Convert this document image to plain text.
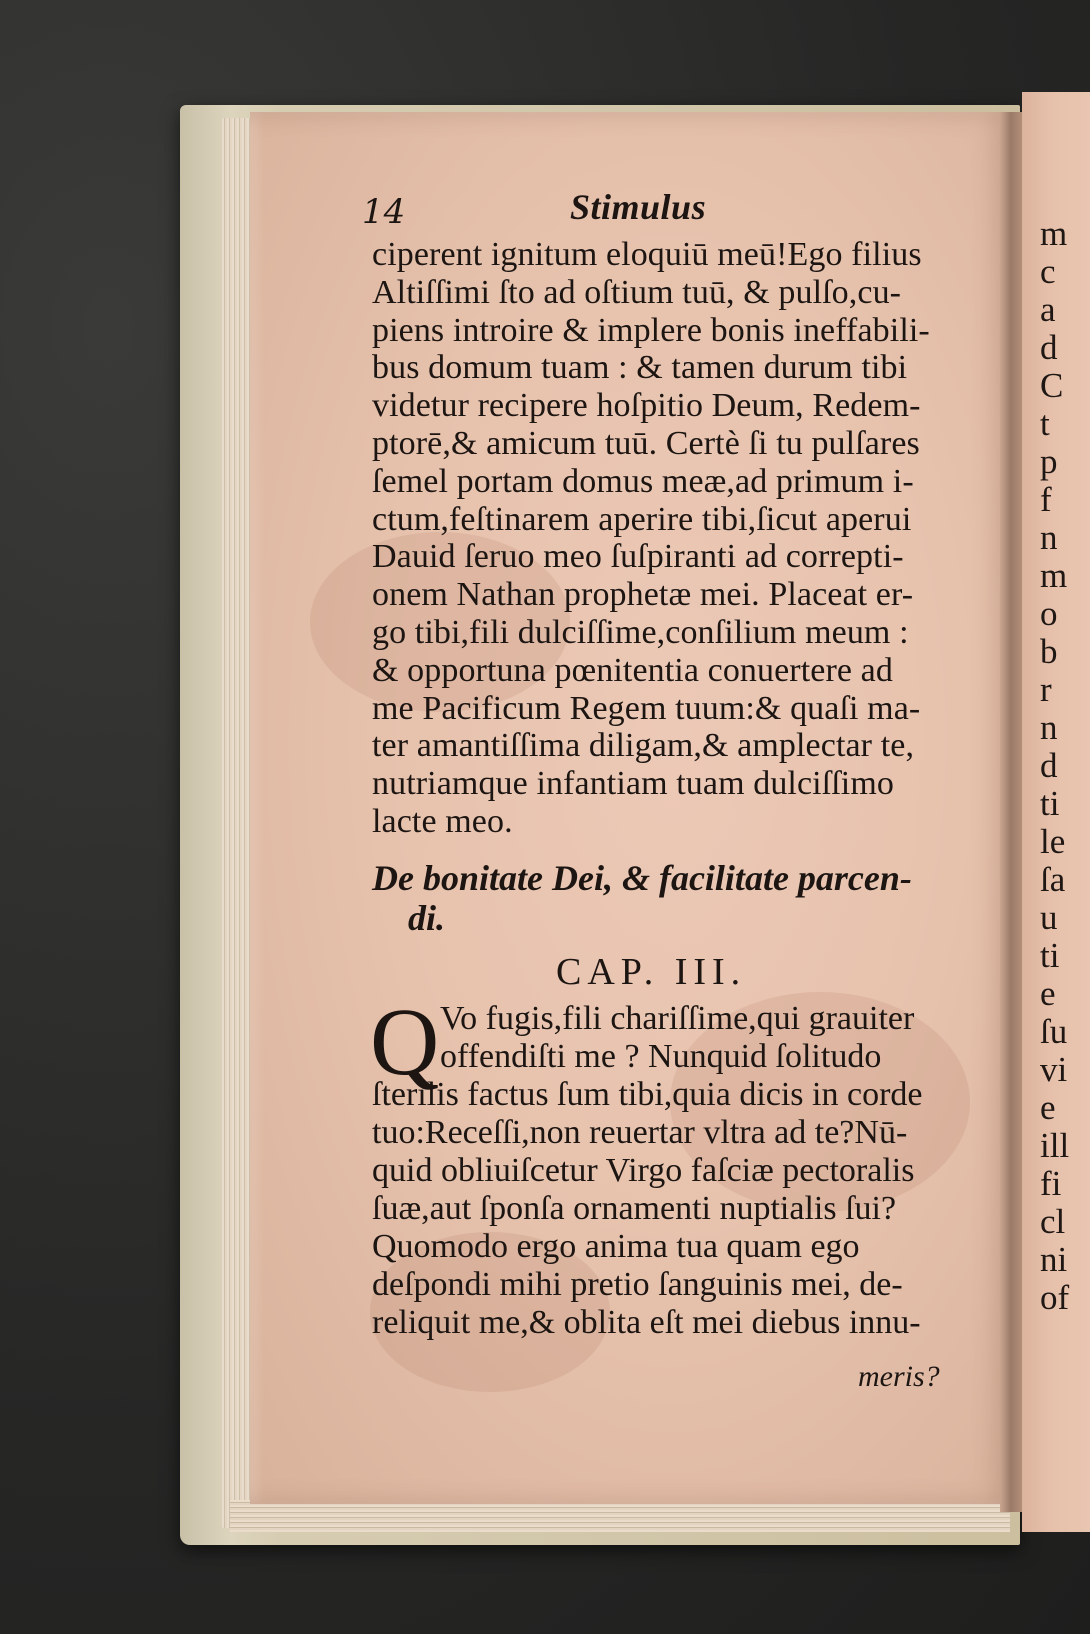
m
c
a
d
C
t
p
f
n
m
o
b
r
n
d
ti
le
ſa
u
ti
e
ſu
vi
e
ill
fi
cl
ni
of
14	Stimulus
ciperent ignitum eloquiū meū!Ego filius
Altiſſimi ſto ad oſtium tuū, & pulſo,cu-
piens introire & implere bonis ineffabili-
bus domum tuam : & tamen durum tibi
videtur recipere hoſpitio Deum, Redem-
ptorē,& amicum tuū. Certè ſi tu pulſares
ſemel portam domus meæ,ad primum i-
ctum,feſtinarem aperire tibi,ſicut aperui
Dauid ſeruo meo ſuſpiranti ad correpti-
onem Nathan prophetæ mei. Placeat er-
go tibi,fili dulciſſime,conſilium meum :
& opportuna pœnitentia conuertere ad
me Pacificum Regem tuum:& quaſi ma-
ter amantiſſima diligam,& amplectar te,
nutriamque infantiam tuam dulciſſimo
lacte meo.
De bonitate Dei, & facilitate parcen-
di.
CAP. III.
Q Vo fugis,fili chariſſime,qui grauiter
offendiſti me ? Nunquid ſolitudo
ſterilis factus ſum tibi,quia dicis in corde
tuo:Receſſi,non reuertar vltra ad te?Nū-
quid obliuiſcetur Virgo faſciæ pectoralis
ſuæ,aut ſponſa ornamenti nuptialis ſui?
Quomodo ergo anima tua quam ego
deſpondi mihi pretio ſanguinis mei, de-
reliquit me,& oblita eſt mei diebus innu-
meris?
